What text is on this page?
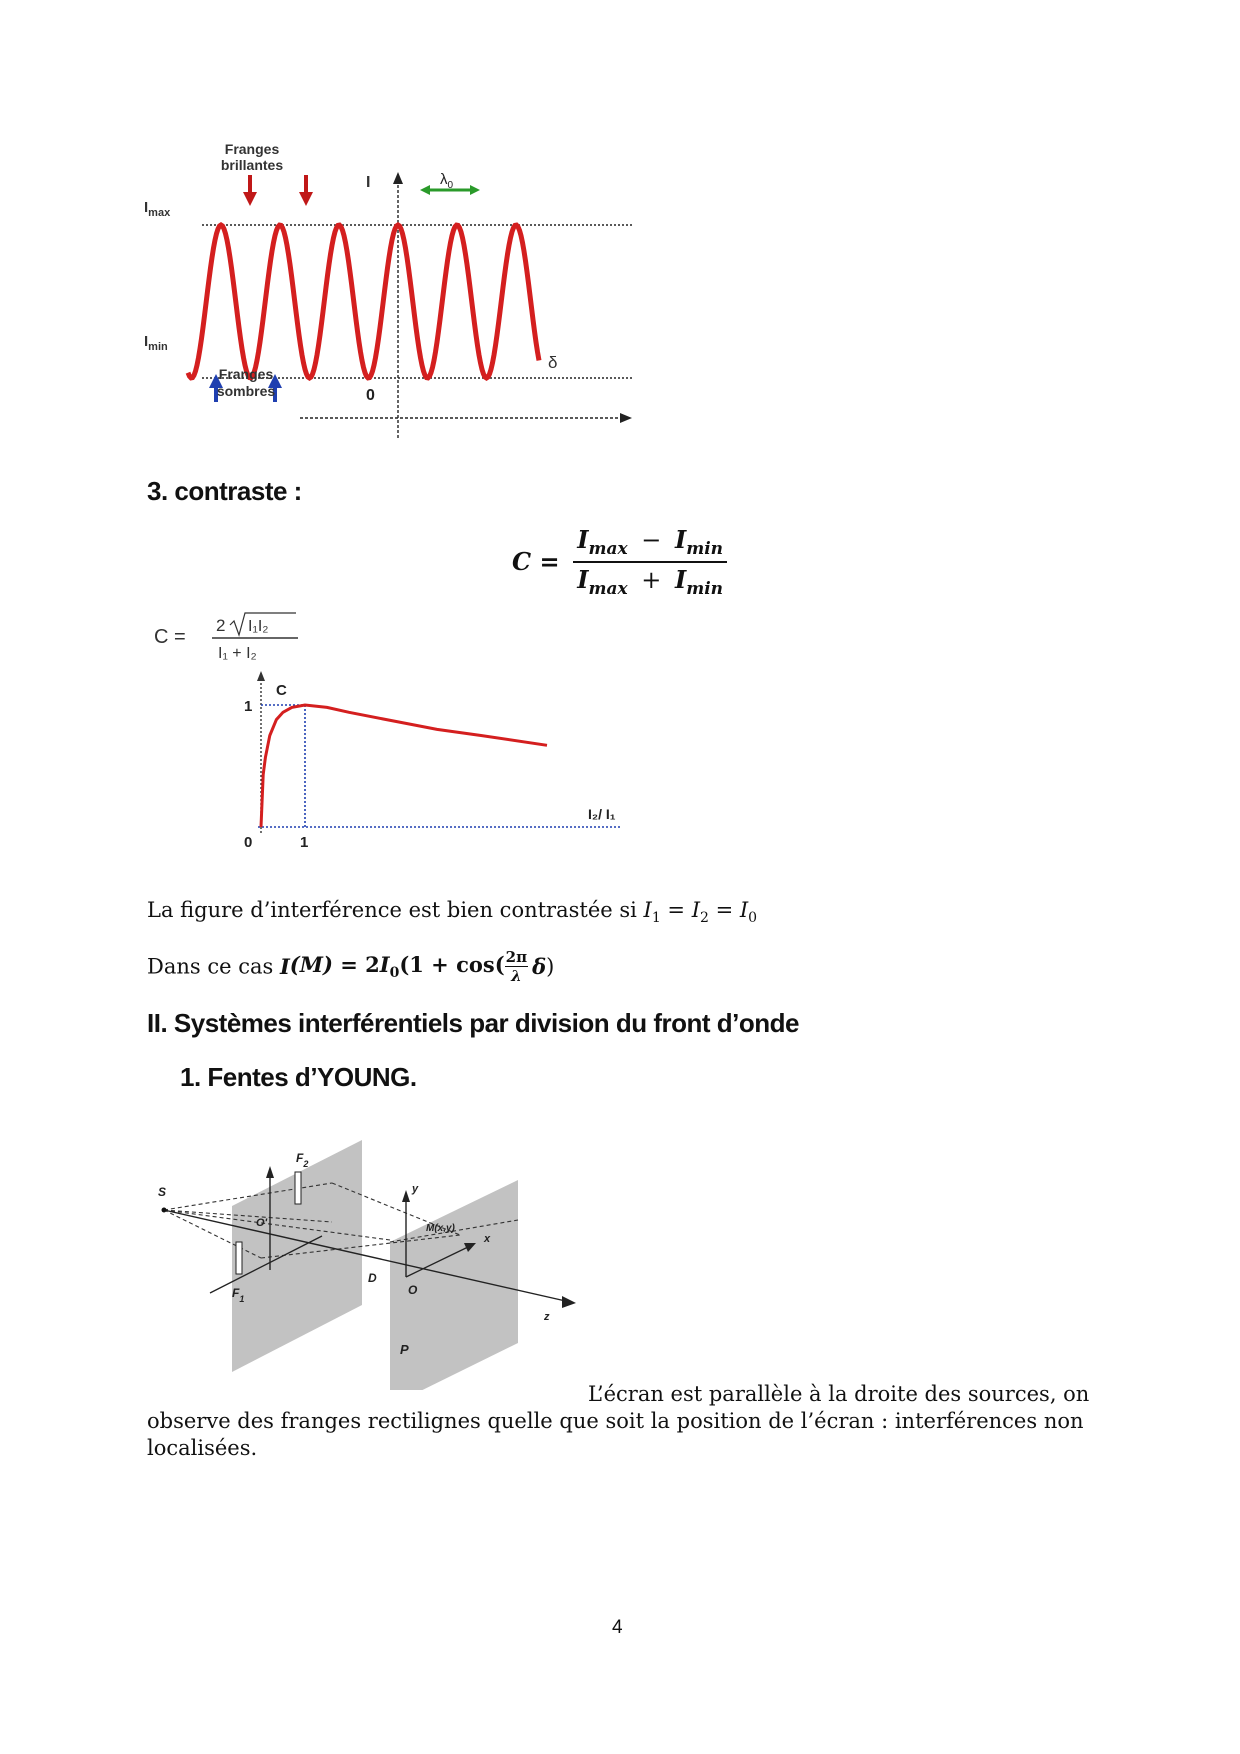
$\lambda_0$
Franges
brillantes
Franges
sombres
$I_{max}$
$I_{min}$
I
δ
0
3. contraste :
$C = \frac{I_{max} - I_{min}}{I_{max} + I_{min}}$
C =
2 I₁I₂
I₁ + I₂
C
1
0	1
I₂/ I₁
La figure d’interférence est bien contrastée si $I_1 = I_2 = I_0$
Dans ce cas $I(M) = 2I_0(1 + \cos( \frac{2\pi}{\lambda} \delta)$
II. Systèmes interférentiels par division du front d’onde
1. Fentes d’YOUNG.
S
$F_2$
$F_1$
O'
D
y
x
z
O
P
M(x,y)
L’écran est parallèle à la droite des sources, on
observe des franges rectilignes quelle que soit la position de l’écran : interférences non
localisées.
4
